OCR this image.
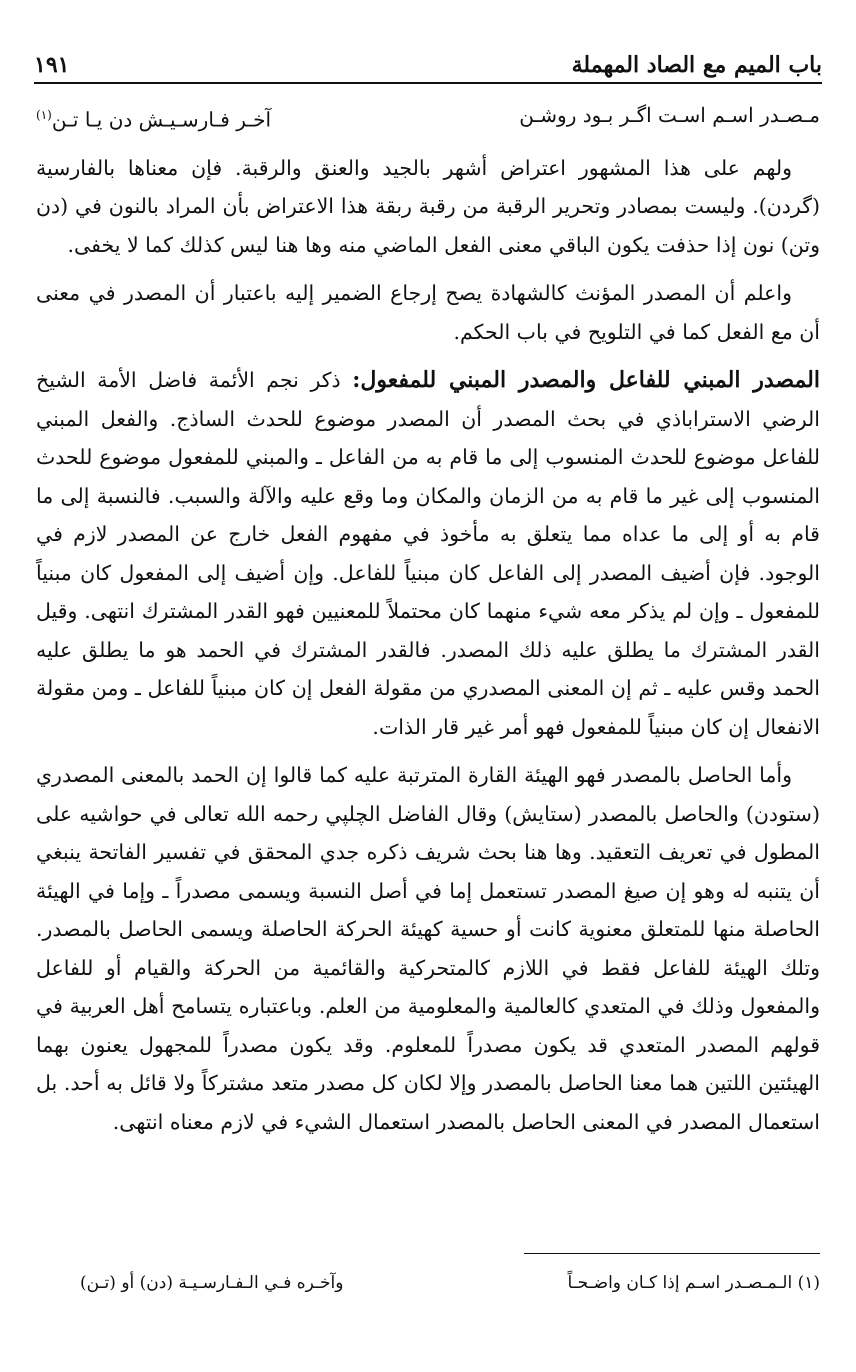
باب الميم مع الصاد المهملة
١٩١
مـصـدر اسـم اسـت اگـر بـود روشـن
آخـر فـارسـيـش دن يـا تـن$^{(١)}$

ولهم على هذا المشهور اعتراض أشهر بالجيد والعنق والرقبة. فإن معناها بالفارسية (گردن). وليست بمصادر وتحرير الرقبة من رقبة ربقة هذا الاعتراض بأن المراد بالنون في (دن وتن) نون إذا حذفت يكون الباقي معنى الفعل الماضي منه وها هنا ليس كذلك كما لا يخفى.

واعلم أن المصدر المؤنث كالشهادة يصح إرجاع الضمير إليه باعتبار أن المصدر في معنى أن مع الفعل كما في التلويح في باب الحكم.

المصدر المبني للفاعل والمصدر المبني للمفعول: ذكر نجم الأئمة فاضل الأمة الشيخ الرضي الاستراباذي في بحث المصدر أن المصدر موضوع للحدث الساذج. والفعل المبني للفاعل موضوع للحدث المنسوب إلى ما قام به من الفاعل ـ والمبني للمفعول موضوع للحدث المنسوب إلى غير ما قام به من الزمان والمكان وما وقع عليه والآلة والسبب. فالنسبة إلى ما قام به أو إلى ما عداه مما يتعلق به مأخوذ في مفهوم الفعل خارج عن المصدر لازم في الوجود. فإن أضيف المصدر إلى الفاعل كان مبنياً للفاعل. وإن أضيف إلى المفعول كان مبنياً للمفعول ـ وإن لم يذكر معه شيء منهما كان محتملاً للمعنيين فهو القدر المشترك انتهى. وقيل القدر المشترك ما يطلق عليه ذلك المصدر. فالقدر المشترك في الحمد هو ما يطلق عليه الحمد وقس عليه ـ ثم إن المعنى المصدري من مقولة الفعل إن كان مبنياً للفاعل ـ ومن مقولة الانفعال إن كان مبنياً للمفعول فهو أمر غير قار الذات.

وأما الحاصل بالمصدر فهو الهيئة القارة المترتبة عليه كما قالوا إن الحمد بالمعنى المصدري (ستودن) والحاصل بالمصدر (ستايش) وقال الفاضل الچلپي رحمه الله تعالى في حواشيه على المطول في تعريف التعقيد. وها هنا بحث شريف ذكره جدي المحقق في تفسير الفاتحة ينبغي أن يتنبه له وهو إن صيغ المصدر تستعمل إما في أصل النسبة ويسمى مصدراً ـ وإما في الهيئة الحاصلة منها للمتعلق معنوية كانت أو حسية كهيئة الحركة الحاصلة ويسمى الحاصل بالمصدر. وتلك الهيئة للفاعل فقط في اللازم كالمتحركية والقائمية من الحركة والقيام أو للفاعل والمفعول وذلك في المتعدي كالعالمية والمعلومية من العلم. وباعتباره يتسامح أهل العربية في قولهم المصدر المتعدي قد يكون مصدراً للمعلوم. وقد يكون مصدراً للمجهول يعنون بهما الهيئتين اللتين هما معنا الحاصل بالمصدر وإلا لكان كل مصدر متعد مشتركاً ولا قائل به أحد. بل استعمال المصدر في المعنى الحاصل بالمصدر استعمال الشيء في لازم معناه انتهى.

(١) الـمـصـدر اسـم إذا كـان واضـحـاً
وآخـره فـي الـفـارسـيـة (دن) أو (تـن)
